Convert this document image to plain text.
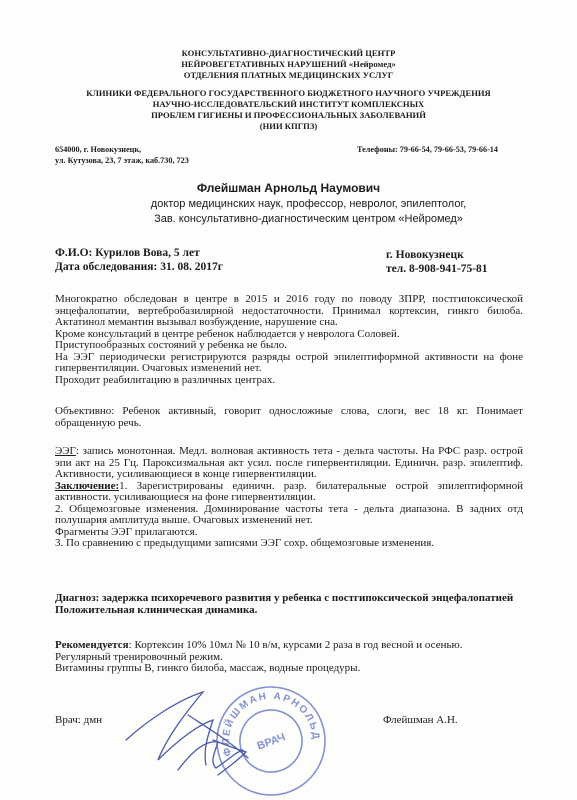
КОНСУЛЬТАТИВНО-ДИАГНОСТИЧЕСКИЙ ЦЕНТР
НЕЙРОВЕГЕТАТИВНЫХ НАРУШЕНИЙ «Нейромед»
ОТДЕЛЕНИЯ ПЛАТНЫХ МЕДИЦИНСКИХ УСЛУГ
КЛИНИКИ ФЕДЕРАЛЬНОГО ГОСУДАРСТВЕННОГО БЮДЖЕТНОГО НАУЧНОГО УЧРЕЖДЕНИЯ
НАУЧНО-ИССЛЕДОВАТЕЛЬСКИЙ ИНСТИТУТ КОМПЛЕКСНЫХ
ПРОБЛЕМ ГИГИЕНЫ И ПРОФЕССИОНАЛЬНЫХ ЗАБОЛЕВАНИЙ
(НИИ КПГПЗ)
654000, г. Новокузнецк,
ул. Кутузова, 23, 7 этаж, каб.730, 723
Телефоны: 79-66-54, 79-66-53, 79-66-14
Флейшман Арнольд Наумович
доктор медицинских наук, профессор, невролог, эпилептолог,
Зав. консультативно-диагностическим центром «Нейромед»
Ф.И.О: Курилов Вова, 5 лет
Дата обследования: 31. 08. 2017г
г. Новокузнецк
тел. 8-908-941-75-81

Многократно обследован в центре в 2015 и 2016 году по поводу ЗПРР, постгипоксической энцефалопатии, вертебробазилярной недостаточности. Принимал кортексин, гинкго билоба. Актатинол мемантин вызывал возбуждение, нарушение сна.

Кроме консультаций в центре ребенок наблюдается у невролога Соловей.

Приступообразных состояний у ребенка не было.

На ЭЭГ периодически регистрируются разряды острой эпилептиформной активности на фоне гипервентиляции. Очаговых изменений нет.

Проходит реабилитацию в различных центрах.

Объективно: Ребенок активный, говорит односложные слова, слоги, вес 18 кг. Понимает обращенную речь.

ЭЭГ: запись монотонная. Медл. волновая активность тета - дельта частоты. На РФС разр. острой эпи акт на 25 Гц. Пароксизмальная акт усил. после гипервентиляции. Единичн. разр. эпилептиф. Активности, усиливающиеся в конце гипервентиляции.

Заключение:1. Зарегистрированы единичн. разр. билатеральные острой эпилептиформной активности. усиливающиеся на фоне гипервентиляции.

2. Общемозговые изменения. Доминирование частоты тета - дельта диапазона. В задних отд полушария амплитуда выше. Очаговых изменений нет.

Фрагменты ЭЭГ прилагаются.

3. По сравнению с предыдущими записями ЭЭГ сохр. общемозговые изменения.

Диагноз: задержка психоречевого развития у ребенка с постгипоксической энцефалопатией

Положительная клиническая динамика.

Рекомендуется: Кортексин 10% 10мл № 10 в/м, курсами 2 раза в год весной и осенью.

Регулярный тренировочный режим.

Витамины группы В, гинкго билоба, массаж, водные процедуры.

Врач: дмн	Флейшман А.Н.
ФЛЕЙШМАН АРНОЛЬД
ВРАЧ
